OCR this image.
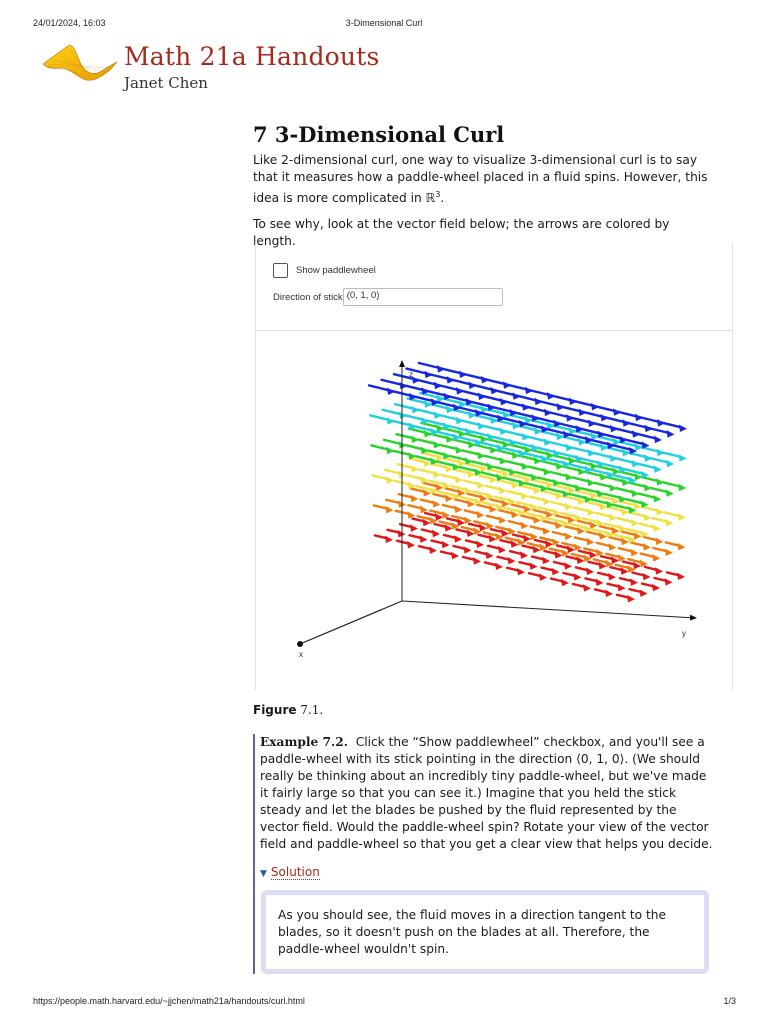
24/01/2024, 16:03	3-Dimensional Curl
Math 21a Handouts
Janet Chen
7 3-Dimensional Curl

Like 2-dimensional curl, one way to visualize 3-dimensional curl is to say that it measures how a paddle-wheel placed in a fluid spins. However, this idea is more complicated in ℝ$^3$.

To see why, look at the vector field below; the arrows are colored by length.

Show paddlewheel
Direction of stick (0, 1, 0)
z
y
x
Figure 7.1.

Example 7.2. Click the “Show paddlewheel” checkbox, and you'll see a paddle-wheel with its stick pointing in the direction ⟨0, 1, 0⟩. (We should really be thinking about an incredibly tiny paddle-wheel, but we've made it fairly large so that you can see it.) Imagine that you held the stick steady and let the blades be pushed by the fluid represented by the vector field. Would the paddle-wheel spin? Rotate your view of the vector field and paddle-wheel so that you get a clear view that helps you decide.

▼ Solution

As you should see, the fluid moves in a direction tangent to the blades, so it doesn't push on the blades at all. Therefore, the paddle-wheel wouldn't spin.

https://people.math.harvard.edu/~jjchen/math21a/handouts/curl.html	1/3
